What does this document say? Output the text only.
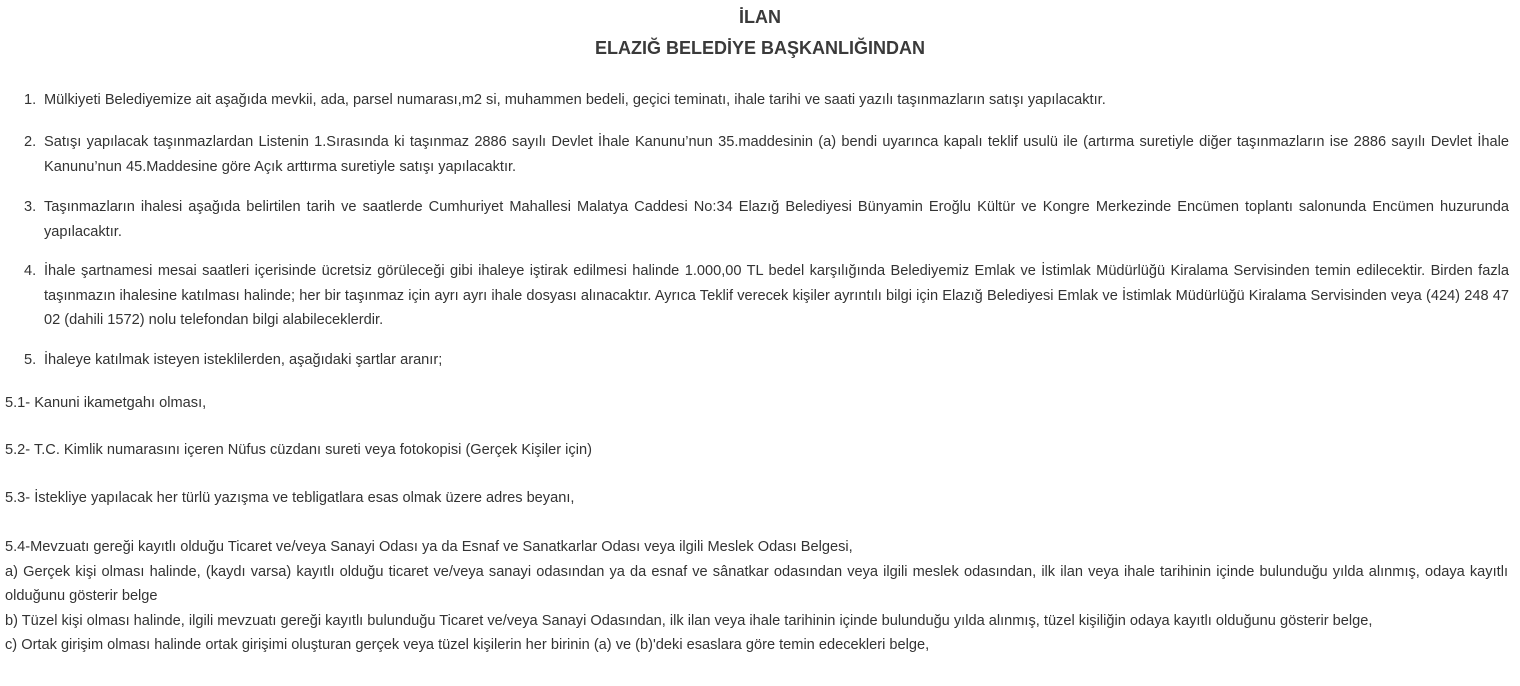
İLAN
ELAZIĞ BELEDİYE BAŞKANLIĞINDAN
1. Mülkiyeti Belediyemize ait aşağıda mevkii, ada, parsel numarası,m2 si, muhammen bedeli, geçici teminatı, ihale tarihi ve saati yazılı taşınmazların satışı yapılacaktır.
2. Satışı yapılacak taşınmazlardan Listenin 1.Sırasında ki taşınmaz 2886 sayılı Devlet İhale Kanunu’nun 35.maddesinin (a) bendi uyarınca kapalı teklif usulü ile (artırma suretiyle diğer taşınmazların ise 2886 sayılı Devlet İhale Kanunu’nun 45.Maddesine göre Açık arttırma suretiyle satışı yapılacaktır.
3. Taşınmazların ihalesi aşağıda belirtilen tarih ve saatlerde Cumhuriyet Mahallesi Malatya Caddesi No:34 Elazığ Belediyesi Bünyamin Eroğlu Kültür ve Kongre Merkezinde Encümen toplantı salonunda Encümen huzurunda yapılacaktır.
4. İhale şartnamesi mesai saatleri içerisinde ücretsiz görüleceği gibi ihaleye iştirak edilmesi halinde 1.000,00 TL bedel karşılığında Belediyemiz Emlak ve İstimlak Müdürlüğü Kiralama Servisinden temin edilecektir. Birden fazla taşınmazın ihalesine katılması halinde; her bir taşınmaz için ayrı ayrı ihale dosyası alınacaktır. Ayrıca Teklif verecek kişiler ayrıntılı bilgi için Elazığ Belediyesi Emlak ve İstimlak Müdürlüğü Kiralama Servisinden veya (424) 248 47 02 (dahili 1572) nolu telefondan bilgi alabileceklerdir.
5. İhaleye katılmak isteyen isteklilerden, aşağıdaki şartlar aranır;
5.1- Kanuni ikametgahı olması,
5.2- T.C. Kimlik numarasını içeren Nüfus cüzdanı sureti veya fotokopisi (Gerçek Kişiler için)
5.3- İstekliye yapılacak her türlü yazışma ve tebligatlara esas olmak üzere adres beyanı,
5.4-Mevzuatı gereği kayıtlı olduğu Ticaret ve/veya Sanayi Odası ya da Esnaf ve Sanatkarlar Odası veya ilgili Meslek Odası Belgesi,
a) Gerçek kişi olması halinde, (kaydı varsa) kayıtlı olduğu ticaret ve/veya sanayi odasından ya da esnaf ve sânatkar odasından veya ilgili meslek odasından, ilk ilan veya ihale tarihinin içinde bulunduğu yılda alınmış, odaya kayıtlı olduğunu gösterir belge
b) Tüzel kişi olması halinde, ilgili mevzuatı gereği kayıtlı bulunduğu Ticaret ve/veya Sanayi Odasından, ilk ilan veya ihale tarihinin içinde bulunduğu yılda alınmış, tüzel kişiliğin odaya kayıtlı olduğunu gösterir belge,
c) Ortak girişim olması halinde ortak girişimi oluşturan gerçek veya tüzel kişilerin her birinin (a) ve (b)'deki esaslara göre temin edecekleri belge,
